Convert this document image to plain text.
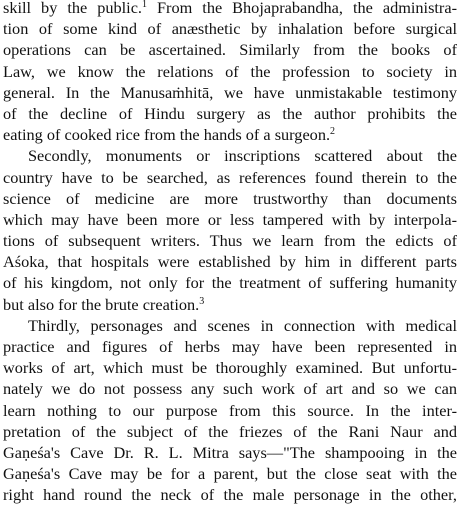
skill by the public.$^1$ From the Bhojaprabandha, the administra-
tion of some kind of anæsthetic by inhalation before surgical
operations can be ascertained. Similarly from the books of
Law, we know the relations of the profession to society in
general. In the Manusaṁhitā, we have unmistakable testimony
of the decline of Hindu surgery as the author prohibits the
eating of cooked rice from the hands of a surgeon.$^2$
Secondly, monuments or inscriptions scattered about the
country have to be searched, as references found therein to the
science of medicine are more trustworthy than documents
which may have been more or less tampered with by interpola-
tions of subsequent writers. Thus we learn from the edicts of
Aśoka, that hospitals were established by him in different parts
of his kingdom, not only for the treatment of suffering humanity
but also for the brute creation.$^3$
Thirdly, personages and scenes in connection with medical
practice and figures of herbs may have been represented in
works of art, which must be thoroughly examined. But unfortu-
nately we do not possess any such work of art and so we can
learn nothing to our purpose from this source. In the inter-
pretation of the subject of the friezes of the Rani Naur and
Gaṇeśa's Cave Dr. R. L. Mitra says—"The shampooing in the
Gaṇeśa's Cave may be for a parent, but the close seat with the
right hand round the neck of the male personage in the other,
